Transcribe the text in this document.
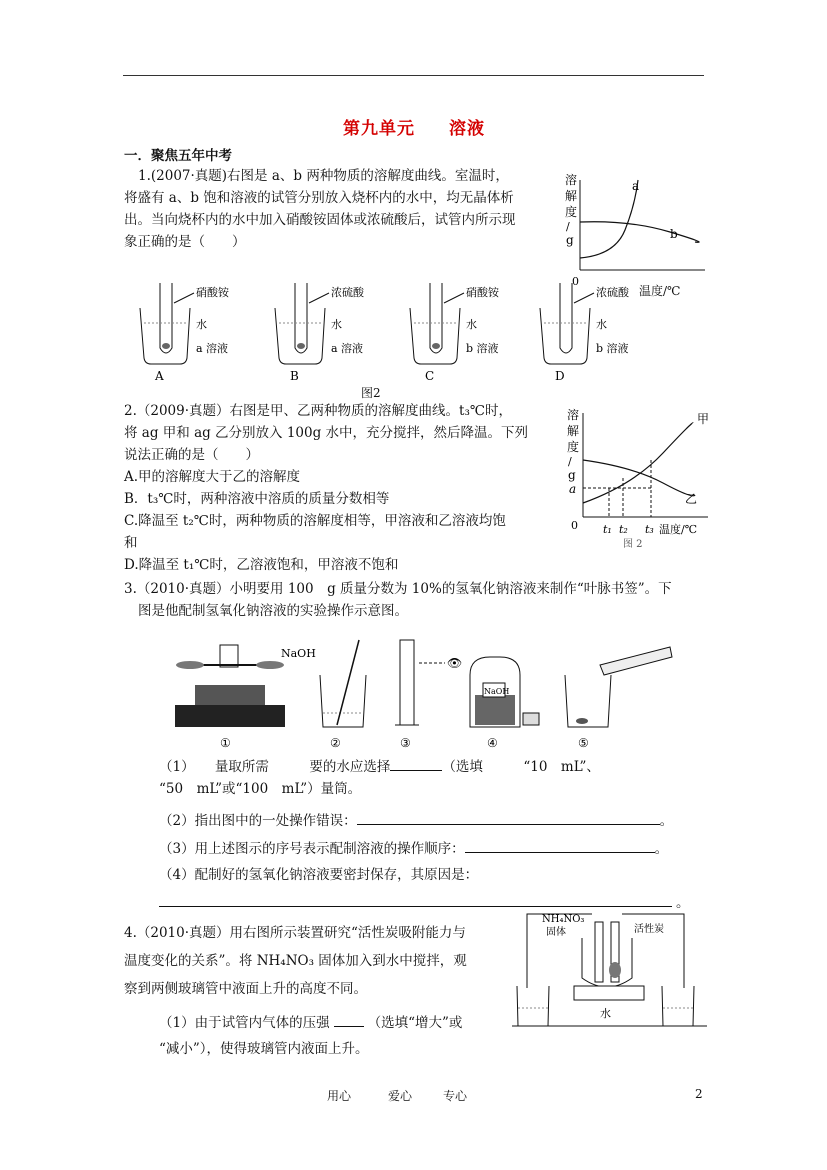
第九单元 溶液
一．聚焦五年中考
1.(2007·真题)右图是 a、b 两种物质的溶解度曲线。室温时，
将盛有 a、b 饱和溶液的试管分别放入烧杯内的水中，均无晶体析
出。当向烧杯内的水中加入硝酸铵固体或浓硫酸后，试管内所示现
象正确的是（　　）
溶
解
度
/
g
a
b
0
温度/℃
硝酸铵
水
a 溶液
A
浓硫酸
水
a 溶液
B
硝酸铵
水
b 溶液
C
浓硫酸
水
b 溶液
D
图2
2.（2009·真题）右图是甲、乙两种物质的溶解度曲线。t₃℃时，
将 ag 甲和 ag 乙分别放入 100g 水中，充分搅拌，然后降温。下列
说法正确的是（　　）
A.甲的溶解度大于乙的溶解度
B．t₃℃时，两种溶液中溶质的质量分数相等
C.降温至 t₂℃时，两种物质的溶解度相等，甲溶液和乙溶液均饱
和
D.降温至 t₁℃时，乙溶液饱和，甲溶液不饱和
溶
解
度
/
g
甲
乙
a
0 t₁ t₂ t₃ 温度/℃
图 2
3.（2010·真题）小明要用 100　g 质量分数为 10%的氢氧化钠溶液来制作“叶脉书签”。下
图是他配制氢氧化钠溶液的实验操作示意图。
NaOH
👁
NaOH
①	②	③	④	⑤
（1）　　量取所需　　　要的水应选择	（选填　　　“10　mL”、
“50　mL”或“100　mL”）量筒。
（2）指出图中的一处操作错误：	。
（3）用上述图示的序号表示配制溶液的操作顺序：	。
（4）配制好的氢氧化钠溶液要密封保存，其原因是：
。
4.（2010·真题）用右图所示装置研究“活性炭吸附能力与
温度变化的关系”。将 NH₄NO₃ 固体加入到水中搅拌，观
察到两侧玻璃管中液面上升的高度不同。
（1）由于试管内气体的压强	（选填“增大”或
“减小”），使得玻璃管内液面上升。
NH₄NO₃
固体	活性炭
水
用心	爱心	专心	2
